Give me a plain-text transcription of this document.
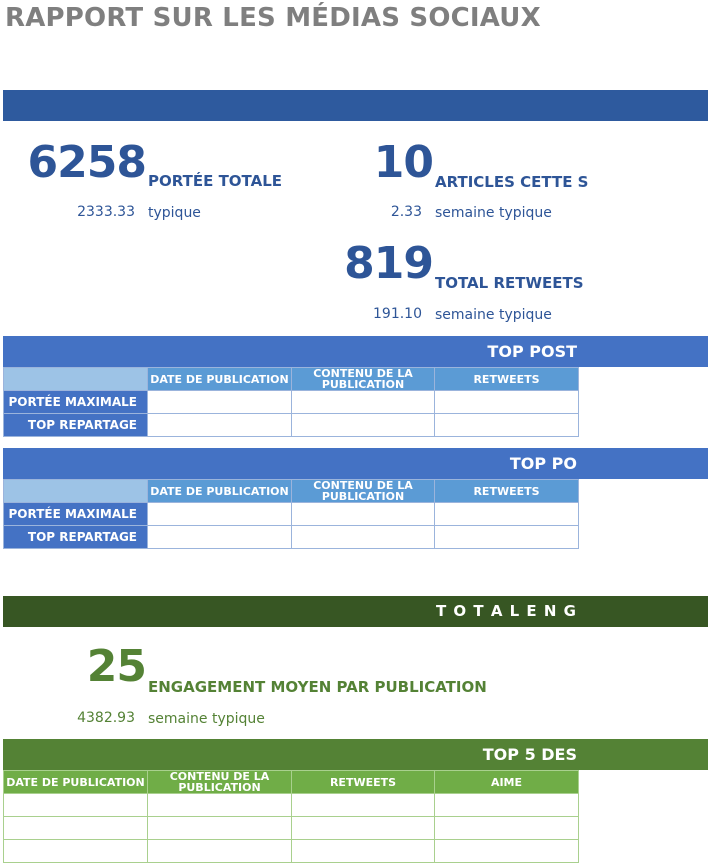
RAPPORT SUR LES MÉDIAS SOCIAUX
6258 PORTÉE TOTALE
2333.33 typique
10 ARTICLES CETTE S
2.33 semaine typique
819 TOTAL RETWEETS
191.10 semaine typique
TOP POST
	DATE DE PUBLICATION	CONTENU DE LA PUBLICATION	RETWEETS
PORTÉE MAXIMALE			
TOP REPARTAGE			
TOP PO
	DATE DE PUBLICATION	CONTENU DE LA PUBLICATION	RETWEETS
PORTÉE MAXIMALE			
TOP REPARTAGE			
T O T A L E N G
25 ENGAGEMENT MOYEN PAR PUBLICATION
4382.93 semaine typique
TOP 5 DES
DATE DE PUBLICATION	CONTENU DE LA PUBLICATION	RETWEETS	AIME
